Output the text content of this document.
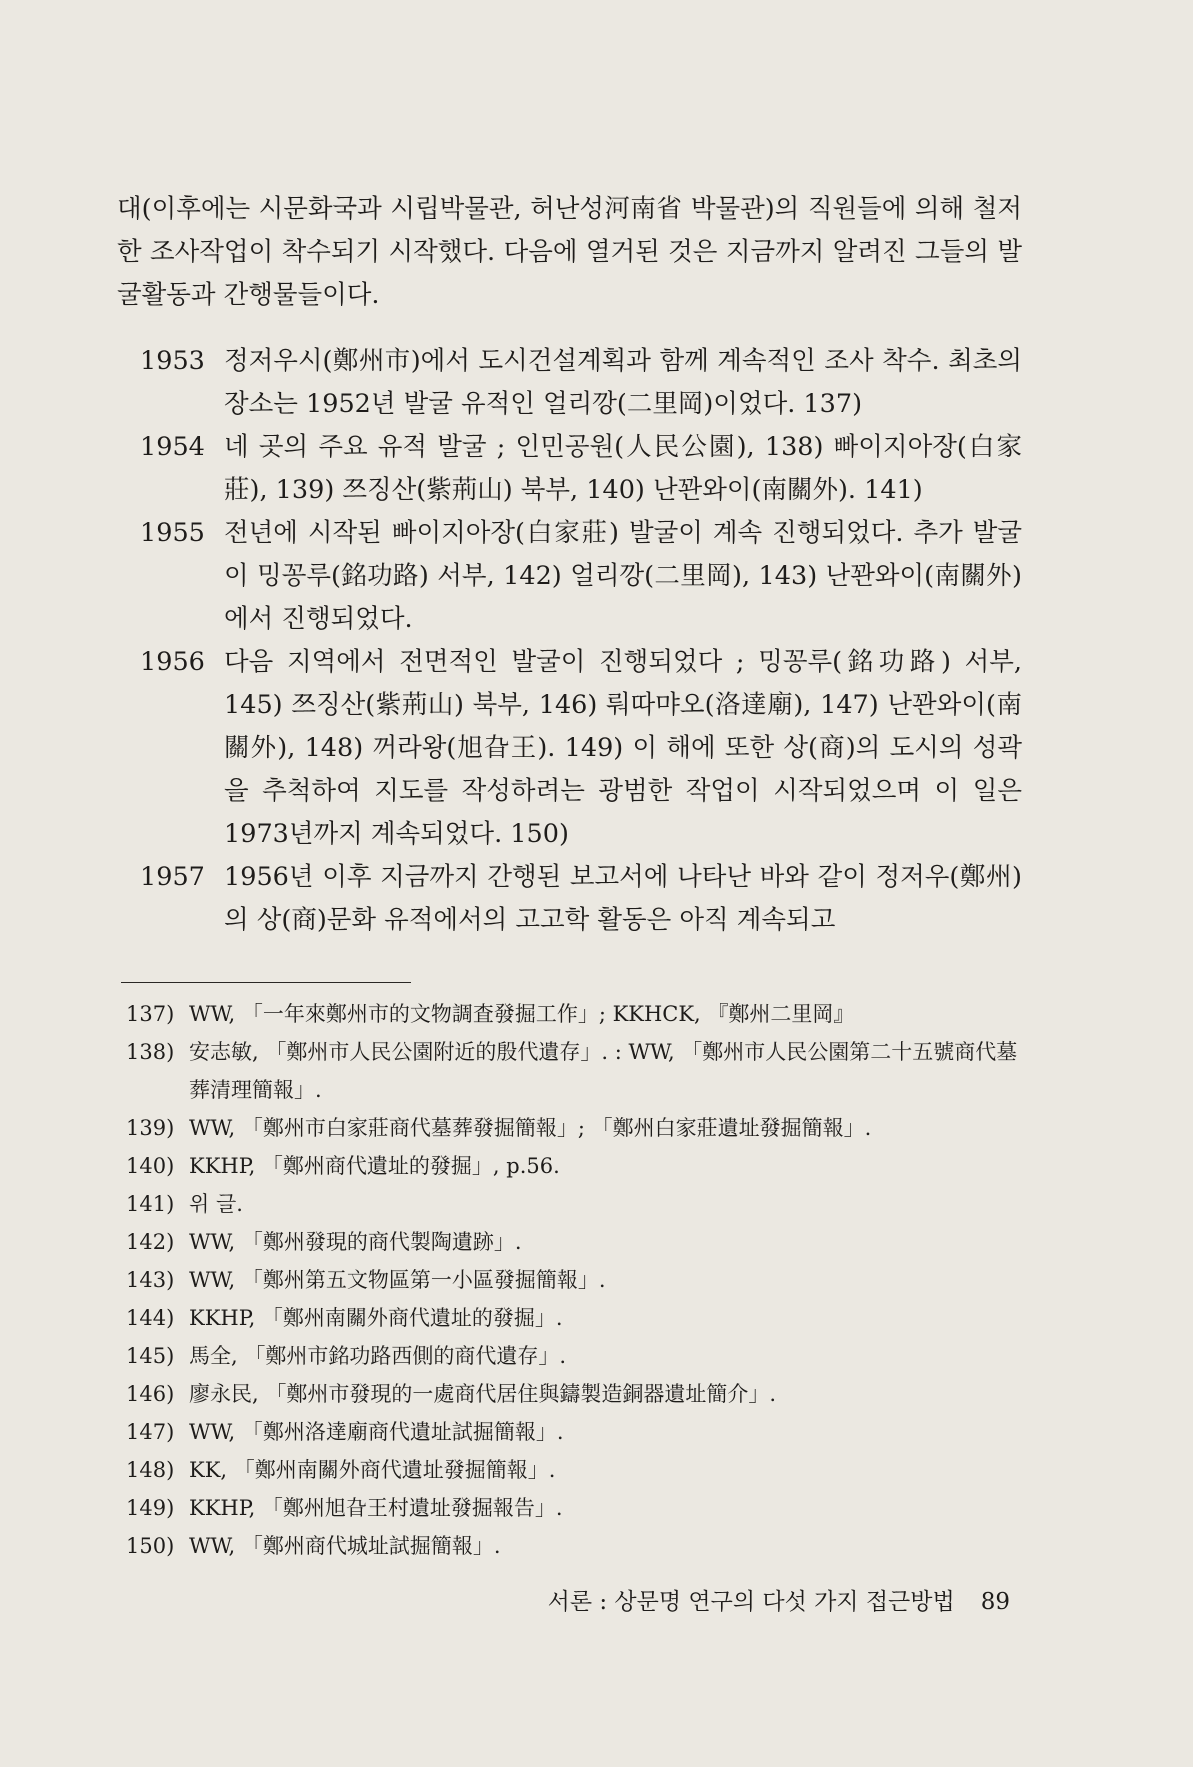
대(이후에는 시문화국과 시립박물관, 허난성河南省 박물관)의 직원들에 의해 철저한 조사작업이 착수되기 시작했다. 다음에 열거된 것은 지금까지 알려진 그들의 발굴활동과 간행물들이다.

1953 정저우시(鄭州市)에서 도시건설계획과 함께 계속적인 조사 착수. 최초의 장소는 1952년 발굴 유적인 얼리깡(二里岡)이었다. 137)
1954 네 곳의 주요 유적 발굴 ; 인민공원(人民公園), 138) 빠이지아장(白家莊), 139) 쯔징산(紫荊山) 북부, 140) 난꽌와이(南關外). 141)
1955 전년에 시작된 빠이지아장(白家莊) 발굴이 계속 진행되었다. 추가 발굴이 밍꽁루(銘功路) 서부, 142) 얼리깡(二里岡), 143) 난꽌와이(南關外)에서 진행되었다.
1956 다음 지역에서 전면적인 발굴이 진행되었다 ; 밍꽁루(銘功路) 서부, 145) 쯔징산(紫荊山) 북부, 146) 뤄따먀오(洛達廟), 147) 난꽌와이(南關外), 148) 꺼라왕(旭旮王). 149) 이 해에 또한 상(商)의 도시의 성곽을 추척하여 지도를 작성하려는 광범한 작업이 시작되었으며 이 일은 1973년까지 계속되었다. 150)
1957 1956년 이후 지금까지 간행된 보고서에 나타난 바와 같이 정저우(鄭州)의 상(商)문화 유적에서의 고고학 활동은 아직 계속되고
137) WW, 「一年來鄭州市的文物調査發掘工作」; KKHCK, 『鄭州二里岡』
138) 安志敏, 「鄭州市人民公園附近的殷代遺存」. : WW, 「鄭州市人民公園第二十五號商代墓葬清理簡報」.
139) WW, 「鄭州市白家莊商代墓葬發掘簡報」; 「鄭州白家莊遺址發掘簡報」.
140) KKHP, 「鄭州商代遺址的發掘」, p.56.
141) 위 글.
142) WW, 「鄭州發現的商代製陶遺跡」.
143) WW, 「鄭州第五文物區第一小區發掘簡報」.
144) KKHP, 「鄭州南關外商代遺址的發掘」.
145) 馬全, 「鄭州市銘功路西側的商代遺存」.
146) 廖永民, 「鄭州市發現的一處商代居住與鑄製造銅器遺址簡介」.
147) WW, 「鄭州洛達廟商代遺址試掘簡報」.
148) KK, 「鄭州南關外商代遺址發掘簡報」.
149) KKHP, 「鄭州旭旮王村遺址發掘報告」.
150) WW, 「鄭州商代城址試掘簡報」.
서론 : 상문명 연구의 다섯 가지 접근방법 89
